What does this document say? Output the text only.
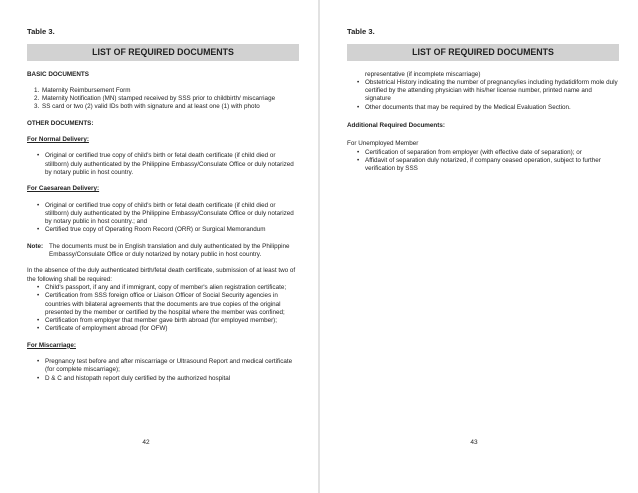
Table 3.
LIST OF REQUIRED DOCUMENTS

BASIC DOCUMENTS

1. Maternity Reimbursement Form
2. Maternity Notification (MN) stamped received by SSS prior to childbirth/ miscarriage
3. SS card or two (2) valid IDs both with signature and at least one (1) with photo

OTHER DOCUMENTS:

For Normal Delivery:

• Original or certified true copy of child's birth or fetal death certificate (if child died or stillborn) duly authenticated by the Philippine Embassy/Consulate Office or duly notarized by notary public in host country.

For Caesarean Delivery:

• Original or certified true copy of child's birth or fetal death certificate (if child died or stillborn) duly authenticated by the Philippine Embassy/Consulate Office or duly notarized by notary public in host country.; and
• Certified true copy of Operating Room Record (ORR) or Surgical Memorandum
Note: The documents must be in English translation and duly authenticated by the Philippine Embassy/Consulate Office or duly notarized by notary public in host country.

In the absence of the duly authenticated birth/fetal death certificate, submission of at least two of the following shall be required:

• Child's passport, if any and if immigrant, copy of member's alien registration certificate;
• Certification from SSS foreign office or Liaison Officer of Social Security agencies in countries with bilateral agreements that the documents are true copies of the original presented by the member or certified by the hospital where the member was confined;
• Certification from employer that member gave birth abroad (for employed member);
• Certificate of employment abroad (for OFW)

For Miscarriage:

• Pregnancy test before and after miscarriage or Ultrasound Report and medical certificate (for complete miscarriage);
• D & C and histopath report duly certified by the authorized hospital
42
Table 3.
LIST OF REQUIRED DOCUMENTS

representative (if incomplete miscarriage)

• Obstetrical History indicating the number of pregnancy/ies including hydatidiform mole duly certified by the attending physician with his/her license number, printed name and signature
• Other documents that may be required by the Medical Evaluation Section.

Additional Required Documents:

For Unemployed Member

• Certification of separation from employer (with effective date of separation); or
• Affidavit of separation duly notarized, if company ceased operation, subject to further verification by SSS
43
